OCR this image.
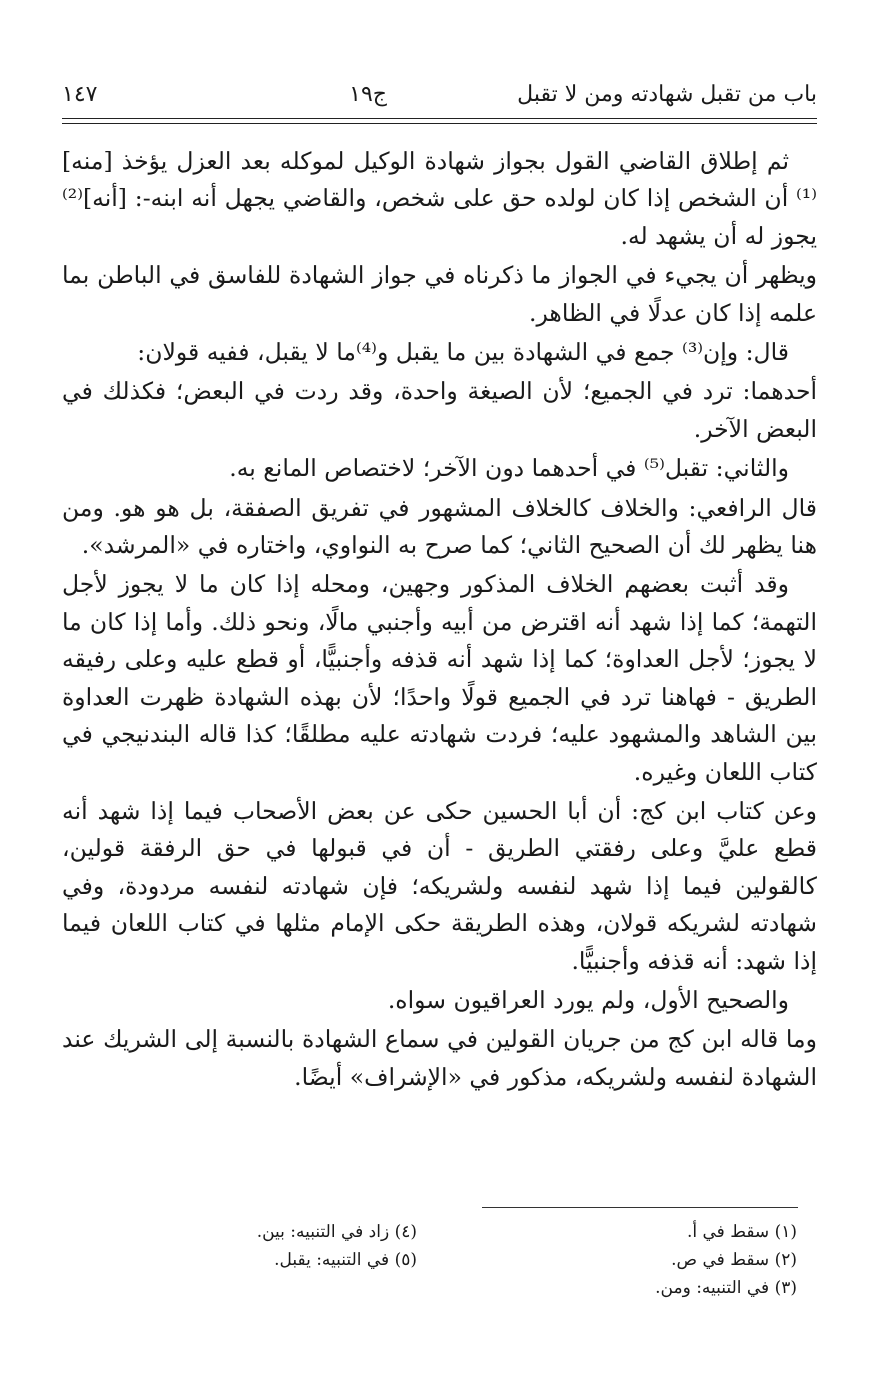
باب من تقبل شهادته ومن لا تقبل
ج١٩
١٤٧

ثم إطلاق القاضي القول بجواز شهادة الوكيل لموكله بعد العزل يؤخذ [منه]⁽¹⁾ أن الشخص إذا كان لولده حق على شخص، والقاضي يجهل أنه ابنه-: [أنه]⁽²⁾ يجوز له أن يشهد له.

ويظهر أن يجيء في الجواز ما ذكرناه في جواز الشهادة للفاسق في الباطن بما علمه إذا كان عدلًا في الظاهر.

قال: وإن⁽³⁾ جمع في الشهادة بين ما يقبل و⁽⁴⁾ما لا يقبل، ففيه قولان:

أحدهما: ترد في الجميع؛ لأن الصيغة واحدة، وقد ردت في البعض؛ فكذلك في البعض الآخر.

والثاني: تقبل⁽⁵⁾ في أحدهما دون الآخر؛ لاختصاص المانع به.

قال الرافعي: والخلاف كالخلاف المشهور في تفريق الصفقة، بل هو هو. ومن هنا يظهر لك أن الصحيح الثاني؛ كما صرح به النواوي، واختاره في «المرشد».

وقد أثبت بعضهم الخلاف المذكور وجهين، ومحله إذا كان ما لا يجوز لأجل التهمة؛ كما إذا شهد أنه اقترض من أبيه وأجنبي مالًا، ونحو ذلك. وأما إذا كان ما لا يجوز؛ لأجل العداوة؛ كما إذا شهد أنه قذفه وأجنبيًّا، أو قطع عليه وعلى رفيقه الطريق - فهاهنا ترد في الجميع قولًا واحدًا؛ لأن بهذه الشهادة ظهرت العداوة بين الشاهد والمشهود عليه؛ فردت شهادته عليه مطلقًا؛ كذا قاله البندنيجي في كتاب اللعان وغيره.

وعن كتاب ابن كج: أن أبا الحسين حكى عن بعض الأصحاب فيما إذا شهد أنه قطع عليَّ وعلى رفقتي الطريق - أن في قبولها في حق الرفقة قولين، كالقولين فيما إذا شهد لنفسه ولشريكه؛ فإن شهادته لنفسه مردودة، وفي شهادته لشريكه قولان، وهذه الطريقة حكى الإمام مثلها في كتاب اللعان فيما إذا شهد: أنه قذفه وأجنبيًّا.

والصحيح الأول، ولم يورد العراقيون سواه.

وما قاله ابن كج من جريان القولين في سماع الشهادة بالنسبة إلى الشريك عند الشهادة لنفسه ولشريكه، مذكور في «الإشراف» أيضًا.

(١) سقط في أ.
(٢) سقط في ص.
(٣) في التنبيه: ومن.
(٤) زاد في التنبيه: بين.
(٥) في التنبيه: يقبل.
